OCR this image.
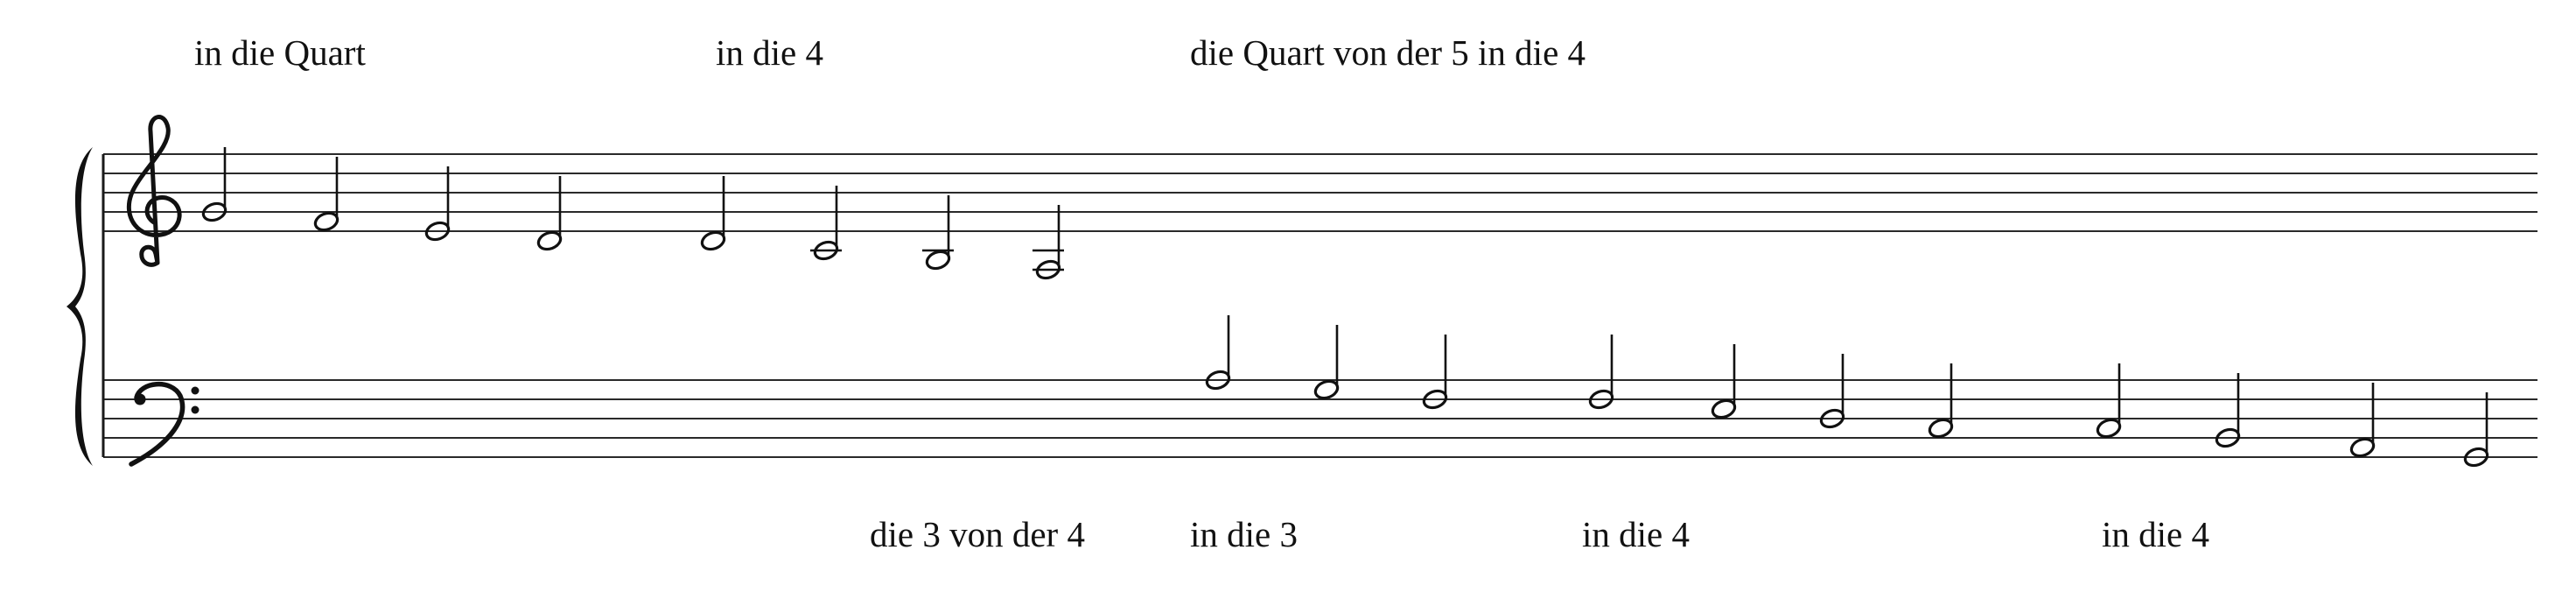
in die Quart	in die 4	die Quart von der 5 in die 4
die 3 von der 4	in die 3	in die 4	in die 4
